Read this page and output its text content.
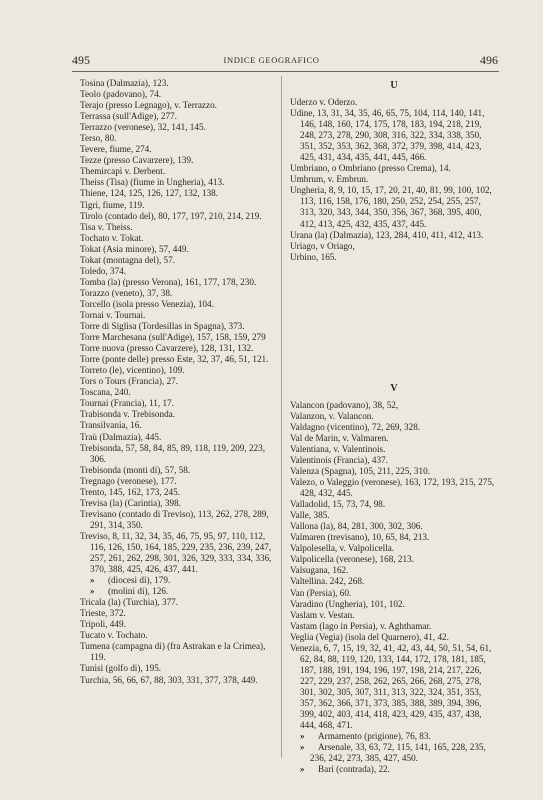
495	INDICE GEOGRAFICO	496
Tosina (Dalmazia), 123.
Teolo (padovano), 74.
Terajo (presso Legnago), v. Terrazzo.
Terrassa (sull'Adige), 277.
Terrazzo (veronese), 32, 141, 145.
Terso, 80.
Tevere, fiume, 274.
Tezze (presso Cavarzere), 139.
Themircapì v. Derbent.
Theiss (Tisa) (fiume in Ungheria), 413.
Thiene, 124, 125, 126, 127, 132, 138.
Tigri, fiume, 119.
Tirolo (contado del), 80, 177, 197, 210, 214, 219.
Tisa v. Theiss.
Tochato v. Tokat.
Tokat (Asia minore), 57, 449.
Tokat (montagna del), 57.
Toledo, 374.
Tomba (la) (presso Verona), 161, 177, 178, 230.
Torazzo (veneto), 37, 38.
Torcello (isola presso Venezia), 104.
Tornai v. Tournai.
Torre di Siglisa (Tordesillas in Spagna), 373.
Torre Marchesana (sull'Adige), 157, 158, 159, 279
Torre nuova (presso Cavarzere), 128, 131, 132.
Torre (ponte delle) presso Este, 32, 37, 46, 51, 121.
Torreto (le), vicentino), 109.
Tors o Tours (Francia), 27.
Toscana, 240.
Tournai (Francia), 11, 17.
Trabisonda v. Trebisonda.
Transilvania, 16.
Traù (Dalmazia), 445.
Trebisonda, 57, 58, 84, 85, 89, 118, 119, 209, 223, 306.
Trebisonda (monti di), 57, 58.
Tregnago (veronese), 177.
Trento, 145, 162, 173, 245.
Trevisa (la) (Carintia), 398.
Trevisano (contado di Treviso), 113, 262, 278, 289, 291, 314, 350.
Treviso, 8, 11, 32, 34, 35, 46, 75, 95, 97, 110, 112, 116, 126, 150, 164, 185, 229, 235, 236, 239, 247, 257, 261, 262, 298, 301, 326, 329, 333, 334, 336, 370, 388, 425, 426, 437, 441.
» (diocesi di), 179.
» (molini di), 126.
Tricala (la) (Turchia), 377.
Trieste, 372.
Tripoli, 449.
Tucato v. Tochato.
Tumena (campagna di) (fra Astrakan e la Crimea), 119.
Tunisi (golfo di), 195.
Turchia, 56, 66, 67, 88, 303, 331, 377, 378, 449.
U
Uderzo v. Oderzo.
Udine, 13, 31, 34, 35, 46, 65, 75, 104, 114, 140, 141, 146, 148, 160, 174, 175, 178, 183, 194, 218, 219, 248, 273, 278, 290, 308, 316, 322, 334, 338, 350, 351, 352, 353, 362, 368, 372, 379, 398, 414, 423, 425, 431, 434, 435, 441, 445, 466.
Umbriano, o Ombriano (presso Crema), 14.
Umbrum, v. Embrun.
Ungheria, 8, 9, 10, 15, 17, 20, 21, 40, 81, 99, 100, 102, 113, 116, 158, 176, 180, 250, 252, 254, 255, 257, 313, 320, 343, 344, 350, 356, 367, 368, 395, 400, 412, 413, 425, 432, 435, 437, 445.
Urana (la) (Dalmazia), 123, 284, 410, 411, 412, 413.
Uriago, v Oriago,
Urbino, 165.
V
Valancon (padovano), 38, 52,
Valanzon, v. Valancon.
Valdagno (vicentino), 72, 269, 328.
Val de Marin, v. Valmaren.
Valentiana, v. Valentinois.
Valentinois (Francia), 437.
Valenza (Spagna), 105, 211, 225, 310.
Valezo, o Valeggio (veronese), 163, 172, 193, 215, 275, 428, 432, 445.
Valladolid, 15, 73, 74, 98.
Valle, 385.
Vallona (la), 84, 281, 300, 302, 306.
Valmaren (trevisano), 10, 65, 84, 213.
Valpolesella, v. Valpolicella.
Valpolicella (veronese), 168, 213.
Valsugana, 162.
Valtellina. 242, 268.
Van (Persia), 60.
Varadino (Ungheria), 101, 102.
Vaslam v. Vestan.
Vastam (lago in Persia), v. Aghthamar.
Veglia (Vegia) (isola del Quarnero), 41, 42.
Venezia, 6, 7, 15, 19, 32, 41, 42, 43, 44, 50, 51, 54, 61, 62, 84, 88, 119, 120, 133, 144, 172, 178, 181, 185, 187, 188, 191, 194, 196, 197, 198, 214, 217, 226, 227, 229, 237, 258, 262, 265, 266, 268, 275, 278, 301, 302, 305, 307, 311, 313, 322, 324, 351, 353, 357, 362, 366, 371, 373, 385, 388, 389, 394, 396, 399, 402, 403, 414, 418, 423, 429, 435, 437, 438, 444, 468, 471.
» Armamento (prigione), 76, 83.
» Arsenale, 33, 63, 72, 115, 141, 165, 228, 235, 236, 242, 273, 385, 427, 450.
» Bari (contrada), 22.
